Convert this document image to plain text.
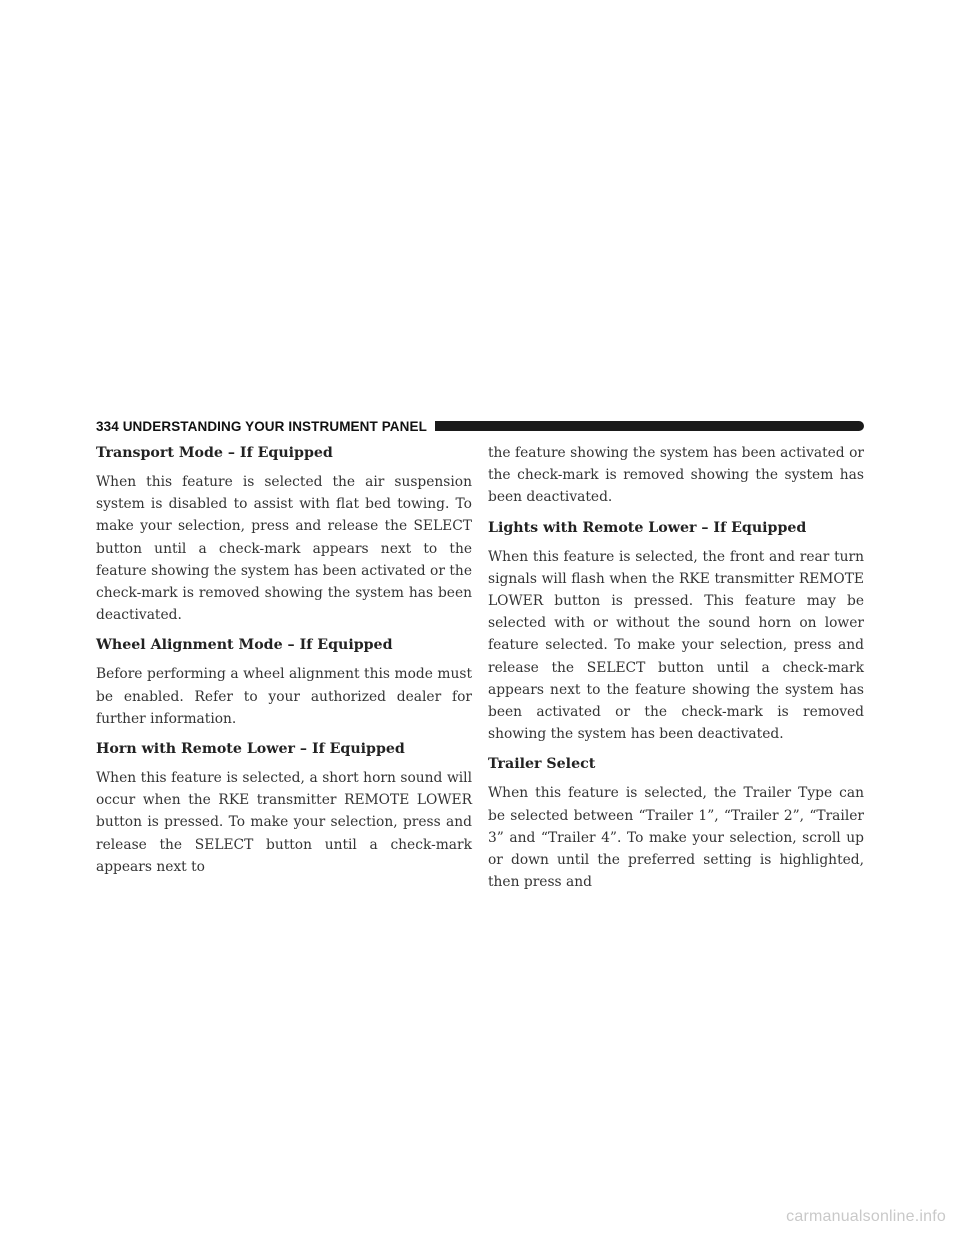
334 UNDERSTANDING YOUR INSTRUMENT PANEL
Transport Mode – If Equipped

When this feature is selected the air suspension system is disabled to assist with flat bed towing. To make your selection, press and release the SELECT button until a check-mark appears next to the feature showing the system has been activated or the check-mark is removed showing the system has been deactivated.

Wheel Alignment Mode – If Equipped

Before performing a wheel alignment this mode must be enabled. Refer to your authorized dealer for further information.

Horn with Remote Lower – If Equipped

When this feature is selected, a short horn sound will occur when the RKE transmitter REMOTE LOWER button is pressed. To make your selection, press and release the SELECT button until a check-mark appears next to

the feature showing the system has been activated or the check-mark is removed showing the system has been deactivated.

Lights with Remote Lower – If Equipped

When this feature is selected, the front and rear turn signals will flash when the RKE transmitter REMOTE LOWER button is pressed. This feature may be selected with or without the sound horn on lower feature selected. To make your selection, press and release the SELECT button until a check-mark appears next to the feature showing the system has been activated or the check-mark is removed showing the system has been deactivated.

Trailer Select

When this feature is selected, the Trailer Type can be selected between “Trailer 1”, “Trailer 2”, “Trailer 3” and “Trailer 4”. To make your selection, scroll up or down until the preferred setting is highlighted, then press and

carmanualsonline.info
